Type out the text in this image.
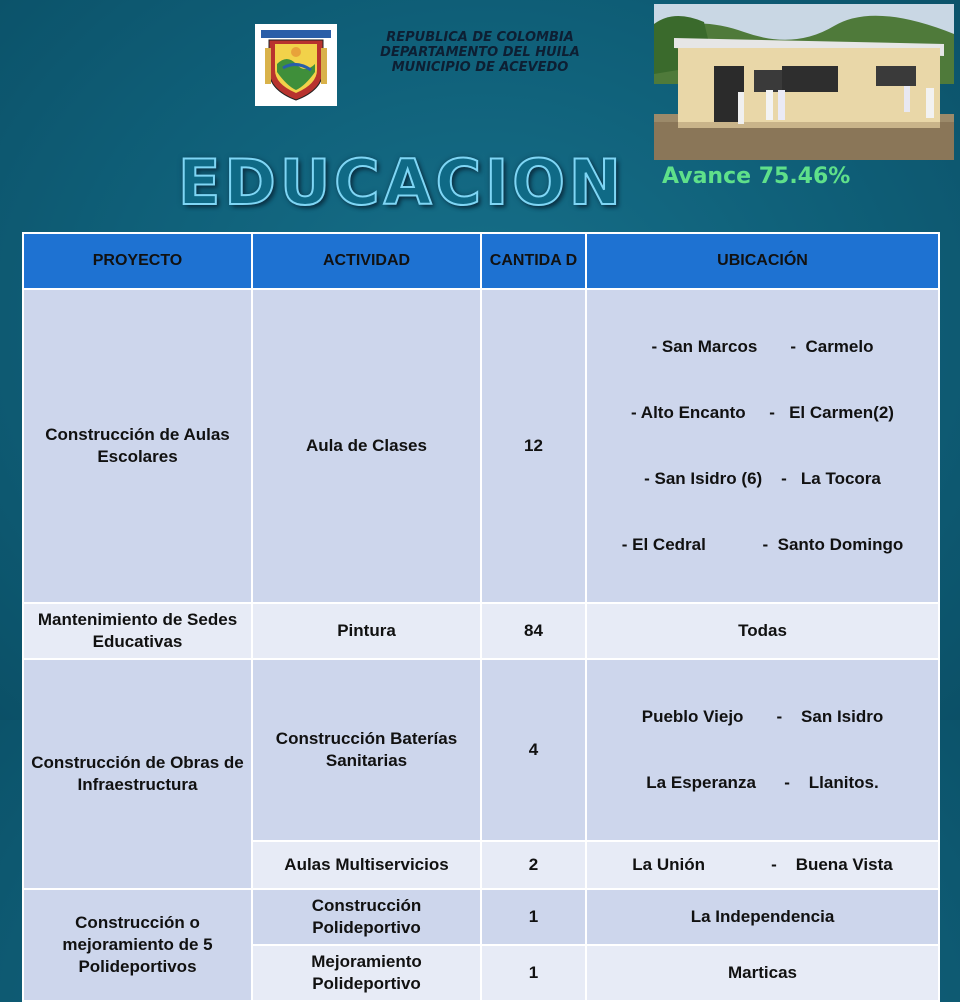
REPUBLICA DE COLOMBIA
DEPARTAMENTO DEL HUILA
MUNICIPIO DE ACEVEDO
EDUCACION Avance 75.46%
PROYECTO	ACTIVIDAD	CANTIDA D	UBICACIÓN
Construcción de Aulas Escolares	Aula de Clases	12	- San Marcos       -  Carmelo

- Alto Encanto     -   El Carmen(2)

- San Isidro (6)    -   La Tocora

- El Cedral            -  Santo Domingo

Mantenimiento de Sedes Educativas	Pintura	84	Todas
Construcción de Obras de Infraestructura	Construcción Baterías Sanitarias	4	Pueblo Viejo       -    San Isidro

La Esperanza      -    Llanitos.

	Aulas Multiservicios	2	La Unión              -    Buena Vista
Construcción o mejoramiento de 5 Polideportivos	Construcción Polideportivo	1	La Independencia
	Mejoramiento Polideportivo	1	Marticas
